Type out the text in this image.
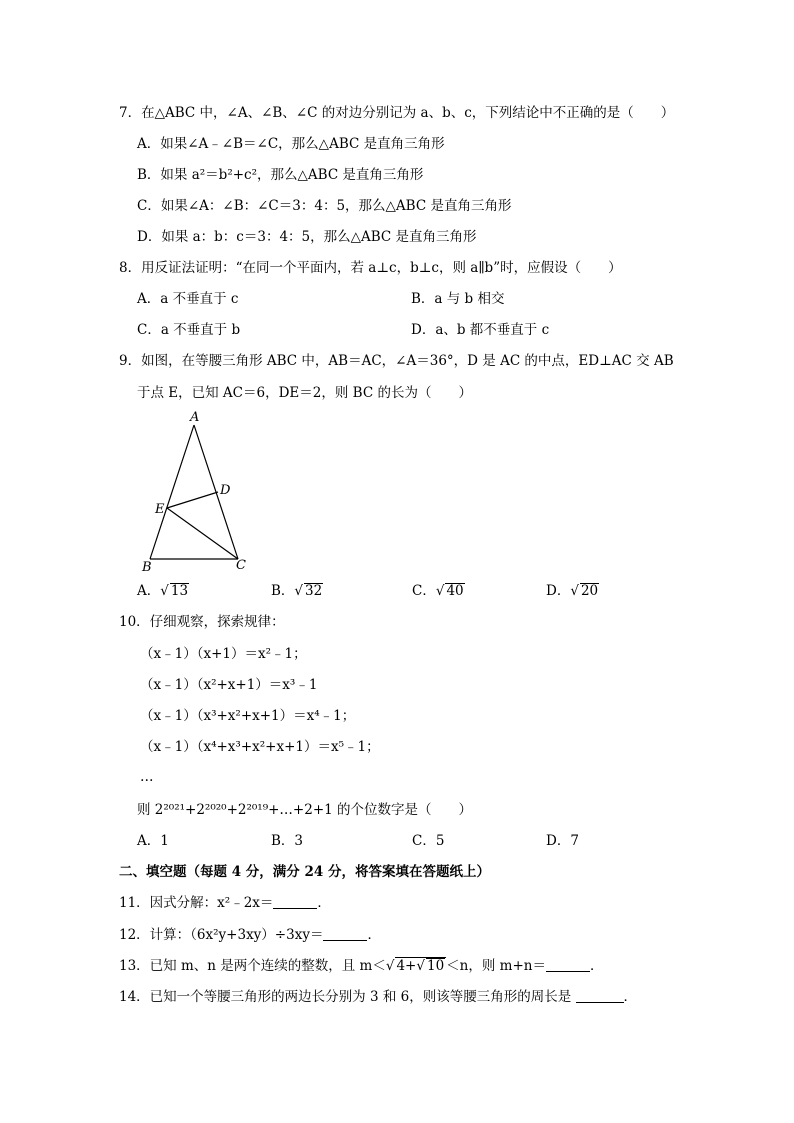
7．在△ABC 中，∠A、∠B、∠C 的对边分别记为 a、b、c，下列结论中不正确的是（　　）
A．如果∠A﹣∠B＝∠C，那么△ABC 是直角三角形
B．如果 a²＝b²+c²，那么△ABC 是直角三角形
C．如果∠A：∠B：∠C＝3：4：5，那么△ABC 是直角三角形
D．如果 a：b：c＝3：4：5，那么△ABC 是直角三角形
8．用反证法证明：“在同一个平面内，若 a⊥c，b⊥c，则 a∥b”时，应假设（　　）
A．a 不垂直于 c	B．a 与 b 相交
C．a 不垂直于 b	D．a、b 都不垂直于 c
9．如图，在等腰三角形 ABC 中，AB＝AC，∠A＝36°，D 是 AC 的中点，ED⊥AC 交 AB
于点 E，已知 AC＝6，DE＝2，则 BC 的长为（　　）
A
D
E
B	C
A．√ 13	B．√ 32	C．√ 40	D．√ 20
10．仔细观察，探索规律：
（x﹣1）（x+1）＝x²﹣1；
（x﹣1）（x²+x+1）＝x³﹣1
（x﹣1）（x³+x²+x+1）＝x⁴﹣1；
（x﹣1）（x⁴+x³+x²+x+1）＝x⁵﹣1；
…
则 2²⁰²¹+2²⁰²⁰+2²⁰¹⁹+…+2+1 的个位数字是（　　）
A．1	B．3	C．5	D．7
二、填空题（每题 4 分，满分 24 分，将答案填在答题纸上）
11．因式分解：x²﹣2x＝	．
12．计算：（6x²y+3xy）÷3xy＝	．
13．已知 m、n 是两个连续的整数，且 m＜√ 4+√ 10 ＜n，则 m+n＝	．
14．已知一个等腰三角形的两边长分别为 3 和 6，则该等腰三角形的周长是	．
